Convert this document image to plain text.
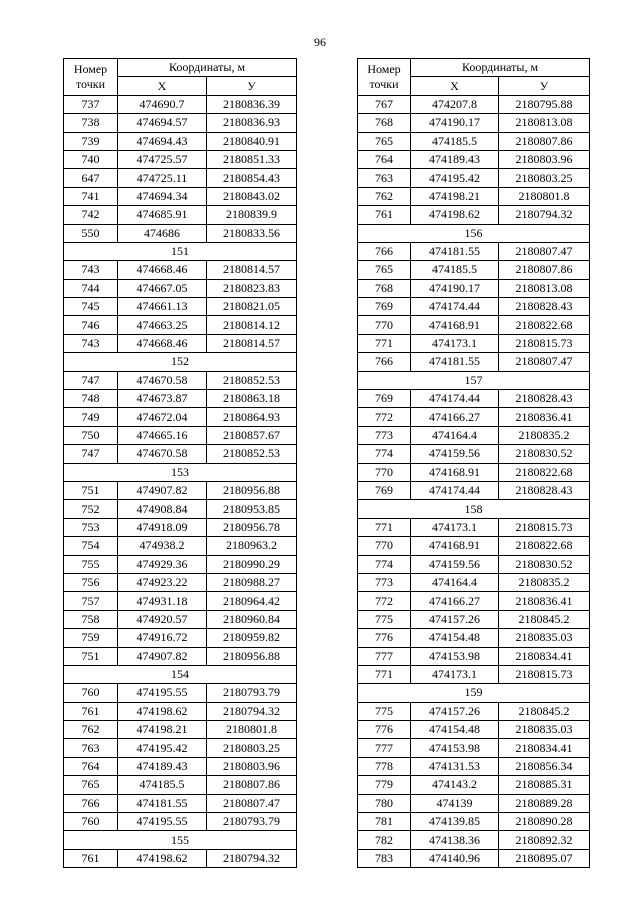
96
Номер
точки	Координаты, м	
	X	У
737	474690.7	2180836.39
738	474694.57	2180836.93
739	474694.43	2180840.91
740	474725.57	2180851.33
647	474725.11	2180854.43
741	474694.34	2180843.02
742	474685.91	2180839.9
550	474686	2180833.56
151		
743	474668.46	2180814.57
744	474667.05	2180823.83
745	474661.13	2180821.05
746	474663.25	2180814.12
743	474668.46	2180814.57
152		
747	474670.58	2180852.53
748	474673.87	2180863.18
749	474672.04	2180864.93
750	474665.16	2180857.67
747	474670.58	2180852.53
153		
751	474907.82	2180956.88
752	474908.84	2180953.85
753	474918.09	2180956.78
754	474938.2	2180963.2
755	474929.36	2180990.29
756	474923.22	2180988.27
757	474931.18	2180964.42
758	474920.57	2180960.84
759	474916.72	2180959.82
751	474907.82	2180956.88
154		
760	474195.55	2180793.79
761	474198.62	2180794.32
762	474198.21	2180801.8
763	474195.42	2180803.25
764	474189.43	2180803.96
765	474185.5	2180807.86
766	474181.55	2180807.47
760	474195.55	2180793.79
155		
761	474198.62	2180794.32
Номер
точки	Координаты, м	
	X	У
767	474207.8	2180795.88
768	474190.17	2180813.08
765	474185.5	2180807.86
764	474189.43	2180803.96
763	474195.42	2180803.25
762	474198.21	2180801.8
761	474198.62	2180794.32
156		
766	474181.55	2180807.47
765	474185.5	2180807.86
768	474190.17	2180813.08
769	474174.44	2180828.43
770	474168.91	2180822.68
771	474173.1	2180815.73
766	474181.55	2180807.47
157		
769	474174.44	2180828.43
772	474166.27	2180836.41
773	474164.4	2180835.2
774	474159.56	2180830.52
770	474168.91	2180822.68
769	474174.44	2180828.43
158		
771	474173.1	2180815.73
770	474168.91	2180822.68
774	474159.56	2180830.52
773	474164.4	2180835.2
772	474166.27	2180836.41
775	474157.26	2180845.2
776	474154.48	2180835.03
777	474153.98	2180834.41
771	474173.1	2180815.73
159		
775	474157.26	2180845.2
776	474154.48	2180835.03
777	474153.98	2180834.41
778	474131.53	2180856.34
779	474143.2	2180885.31
780	474139	2180889.28
781	474139.85	2180890.28
782	474138.36	2180892.32
783	474140.96	2180895.07
